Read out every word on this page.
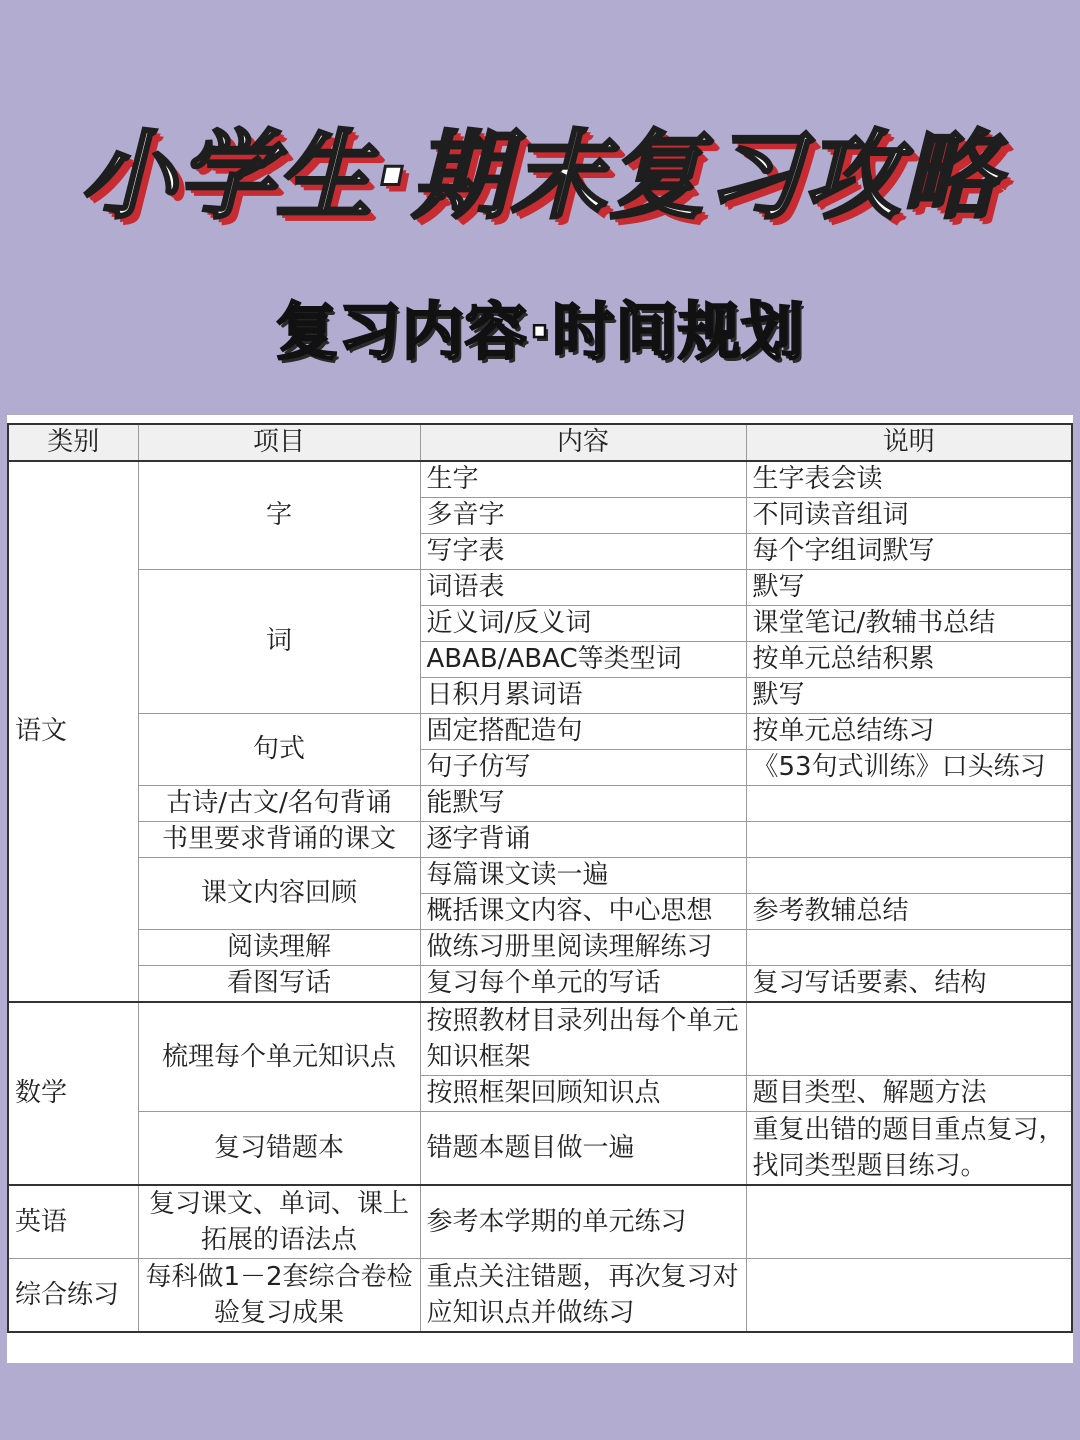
小学生·期末复习攻略
复习内容·时间规划
类别	项目	内容	说明
语文	字	生字	生字表会读
		多音字	不同读音组词
		写字表	每个字组词默写
	词	词语表	默写
		近义词/反义词	课堂笔记/教辅书总结
		ABAB/ABAC等类型词	按单元总结积累
		日积月累词语	默写
	句式	固定搭配造句	按单元总结练习
		句子仿写	《53句式训练》口头练习
	古诗/古文/名句背诵	能默写	
	书里要求背诵的课文	逐字背诵	
	课文内容回顾	每篇课文读一遍	
		概括课文内容、中心思想	参考教辅总结
	阅读理解	做练习册里阅读理解练习	
	看图写话	复习每个单元的写话	复习写话要素、结构
数学	梳理每个单元知识点	按照教材目录列出每个单元知识框架	
		按照框架回顾知识点	题目类型、解题方法
	复习错题本	错题本题目做一遍	重复出错的题目重点复习，找同类型题目练习。

英语	复习课文、单词、课上拓展的语法点	参考本学期的单元练习	
综合练习	每科做1－2套综合卷检验复习成果	重点关注错题，再次复习对应知识点并做练习	
